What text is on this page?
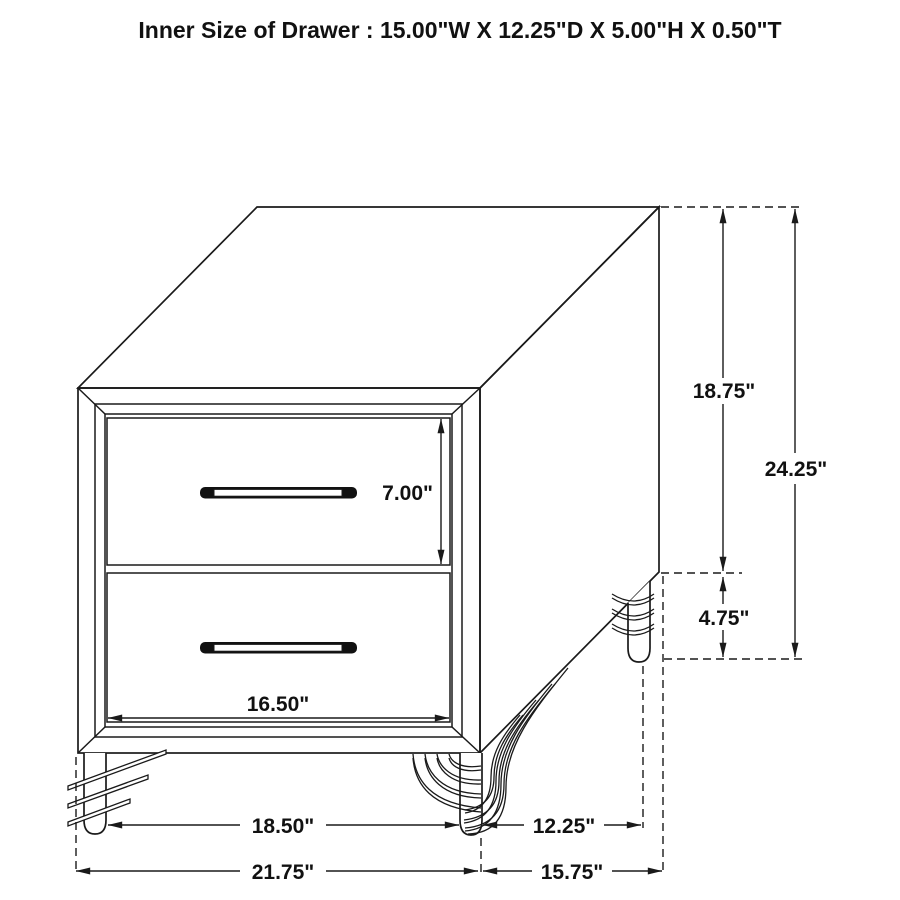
Inner Size of Drawer : 15.00"W X 12.25"D X 5.00"H X 0.50"T
7.00"
16.50"
18.75"
24.25"
4.75"
18.50"	12.25"
21.75"	15.75"
